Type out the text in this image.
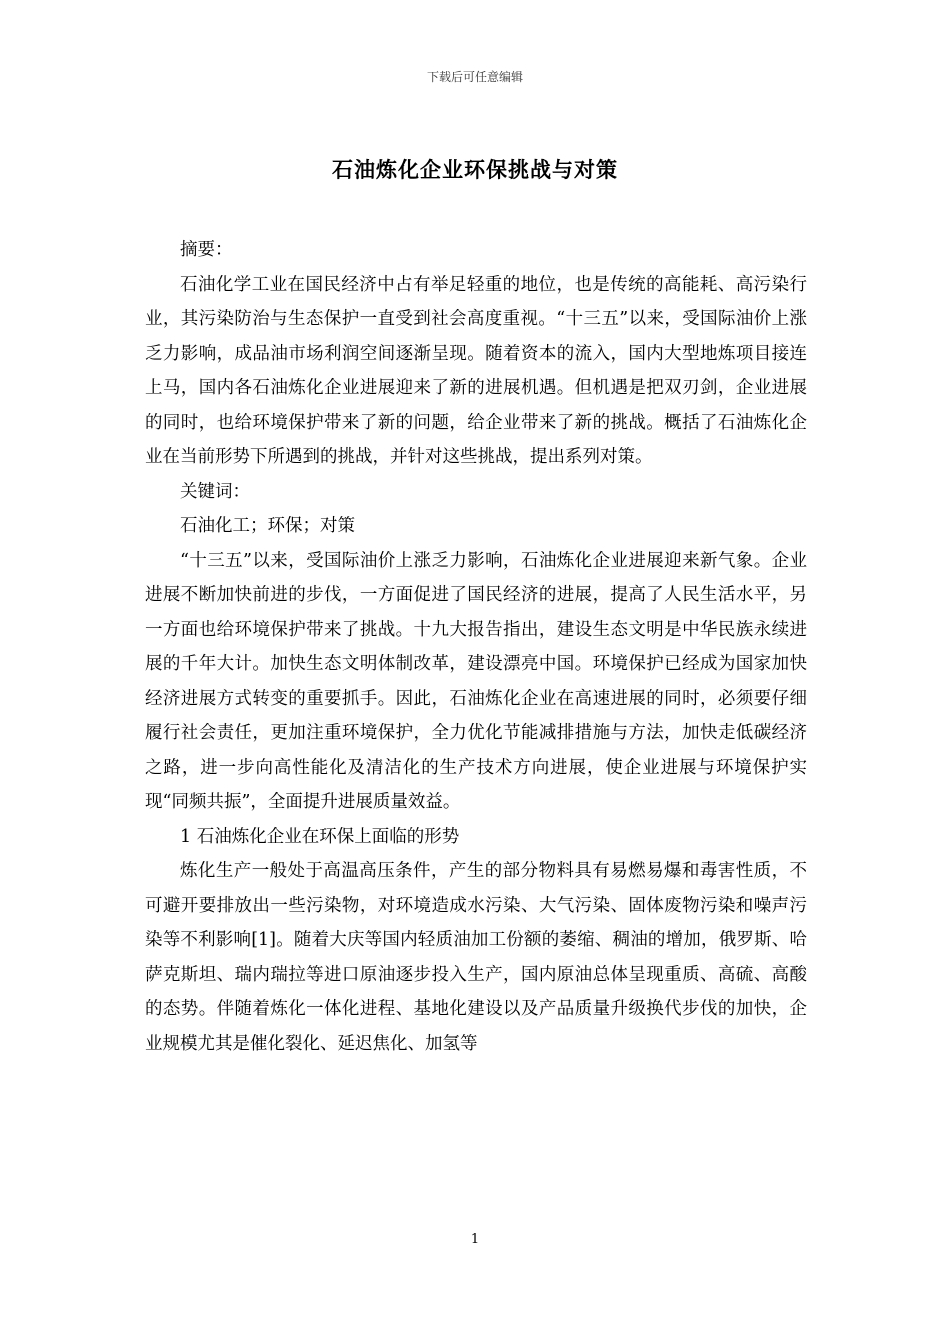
下载后可任意编辑
石油炼化企业环保挑战与对策

摘要：

石油化学工业在国民经济中占有举足轻重的地位，也是传统的高能耗、高污染行业，其污染防治与生态保护一直受到社会高度重视。“十三五”以来，受国际油价上涨乏力影响，成品油市场利润空间逐渐呈现。随着资本的流入，国内大型地炼项目接连上马，国内各石油炼化企业进展迎来了新的进展机遇。但机遇是把双刃剑，企业进展的同时，也给环境保护带来了新的问题，给企业带来了新的挑战。概括了石油炼化企业在当前形势下所遇到的挑战，并针对这些挑战，提出系列对策。

关键词：

石油化工；环保；对策

“十三五”以来，受国际油价上涨乏力影响，石油炼化企业进展迎来新气象。企业进展不断加快前进的步伐，一方面促进了国民经济的进展，提高了人民生活水平，另一方面也给环境保护带来了挑战。十九大报告指出，建设生态文明是中华民族永续进展的千年大计。加快生态文明体制改革，建设漂亮中国。环境保护已经成为国家加快经济进展方式转变的重要抓手。因此，石油炼化企业在高速进展的同时，必须要仔细履行社会责任，更加注重环境保护，全力优化节能减排措施与方法，加快走低碳经济之路，进一步向高性能化及清洁化的生产技术方向进展，使企业进展与环境保护实现“同频共振”，全面提升进展质量效益。

1 石油炼化企业在环保上面临的形势

炼化生产一般处于高温高压条件，产生的部分物料具有易燃易爆和毒害性质，不可避开要排放出一些污染物，对环境造成水污染、大气污染、固体废物污染和噪声污染等不利影响[1]。随着大庆等国内轻质油加工份额的萎缩、稠油的增加，俄罗斯、哈萨克斯坦、瑞内瑞拉等进口原油逐步投入生产，国内原油总体呈现重质、高硫、高酸的态势。伴随着炼化一体化进程、基地化建设以及产品质量升级换代步伐的加快，企业规模尤其是催化裂化、延迟焦化、加氢等

1
